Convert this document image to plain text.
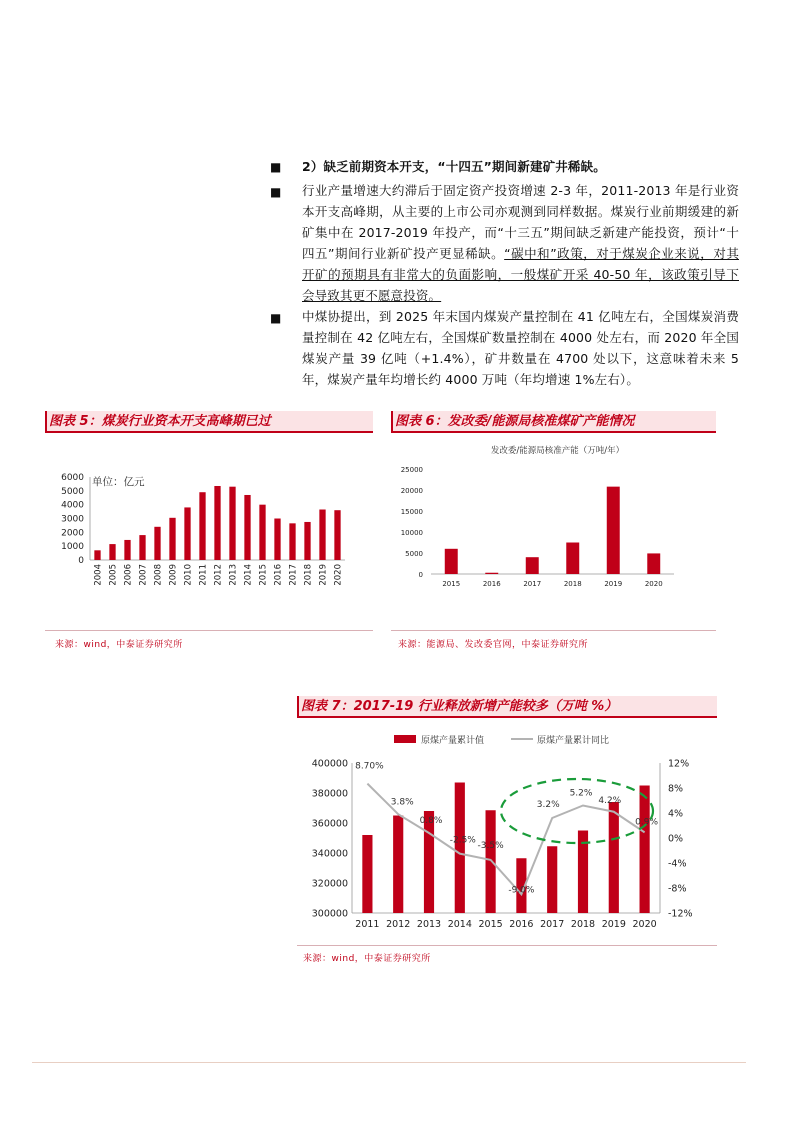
■ 2）缺乏前期资本开支，“十四五”期间新建矿井稀缺。
■ 行业产量增速大约滞后于固定资产投资增速 2-3 年，2011-2013 年是行业资本开支高峰期，从主要的上市公司亦观测到同样数据。煤炭行业前期缓建的新矿集中在 2017-2019 年投产，而“十三五”期间缺乏新建产能投资，预计“十四五”期间行业新矿投产更显稀缺。“碳中和”政策，对于煤炭企业来说，对其开矿的预期具有非常大的负面影响，一般煤矿开采 40-50 年，该政策引导下会导致其更不愿意投资。
■ 中煤协提出，到 2025 年末国内煤炭产量控制在 41 亿吨左右，全国煤炭消费量控制在 42 亿吨左右，全国煤矿数量控制在 4000 处左右，而 2020 年全国煤炭产量 39 亿吨（+1.4%），矿井数量在 4700 处以下，这意味着未来 5 年，煤炭产量年均增长约 4000 万吨（年均增速 1%左右）。
图表 5：煤炭行业资本开支高峰期已过
0
1000
2000
3000
4000
5000
6000 单位：亿元
2004 2005 2006 2007 2008 2009 2010 2011 2012 2013 2014 2015 2016 2017 2018 2019 2020
来源：wind，中泰证券研究所
图表 6：发改委/能源局核准煤矿产能情况
发改委/能源局核准产能（万吨/年）
0
5000
10000
15000
20000
25000
2015	2016	2017	2018	2019	2020
来源：能源局、发改委官网，中泰证券研究所
图表 7：2017-19 行业释放新增产能较多（万吨 %）
原煤产量累计值	原煤产量累计同比
300000
320000
340000
360000
380000
400000
-12%
-8%
-4%
0%
4%
8%
12%
2011 2012 2013 2014 2015 2016 2017 2018 2019 2020
8.70%
3.8%
0.8%
-2.5%
-3.5%
-9.0%
3.2%
5.2%
4.2%
0.9%
来源：wind，中泰证券研究所
